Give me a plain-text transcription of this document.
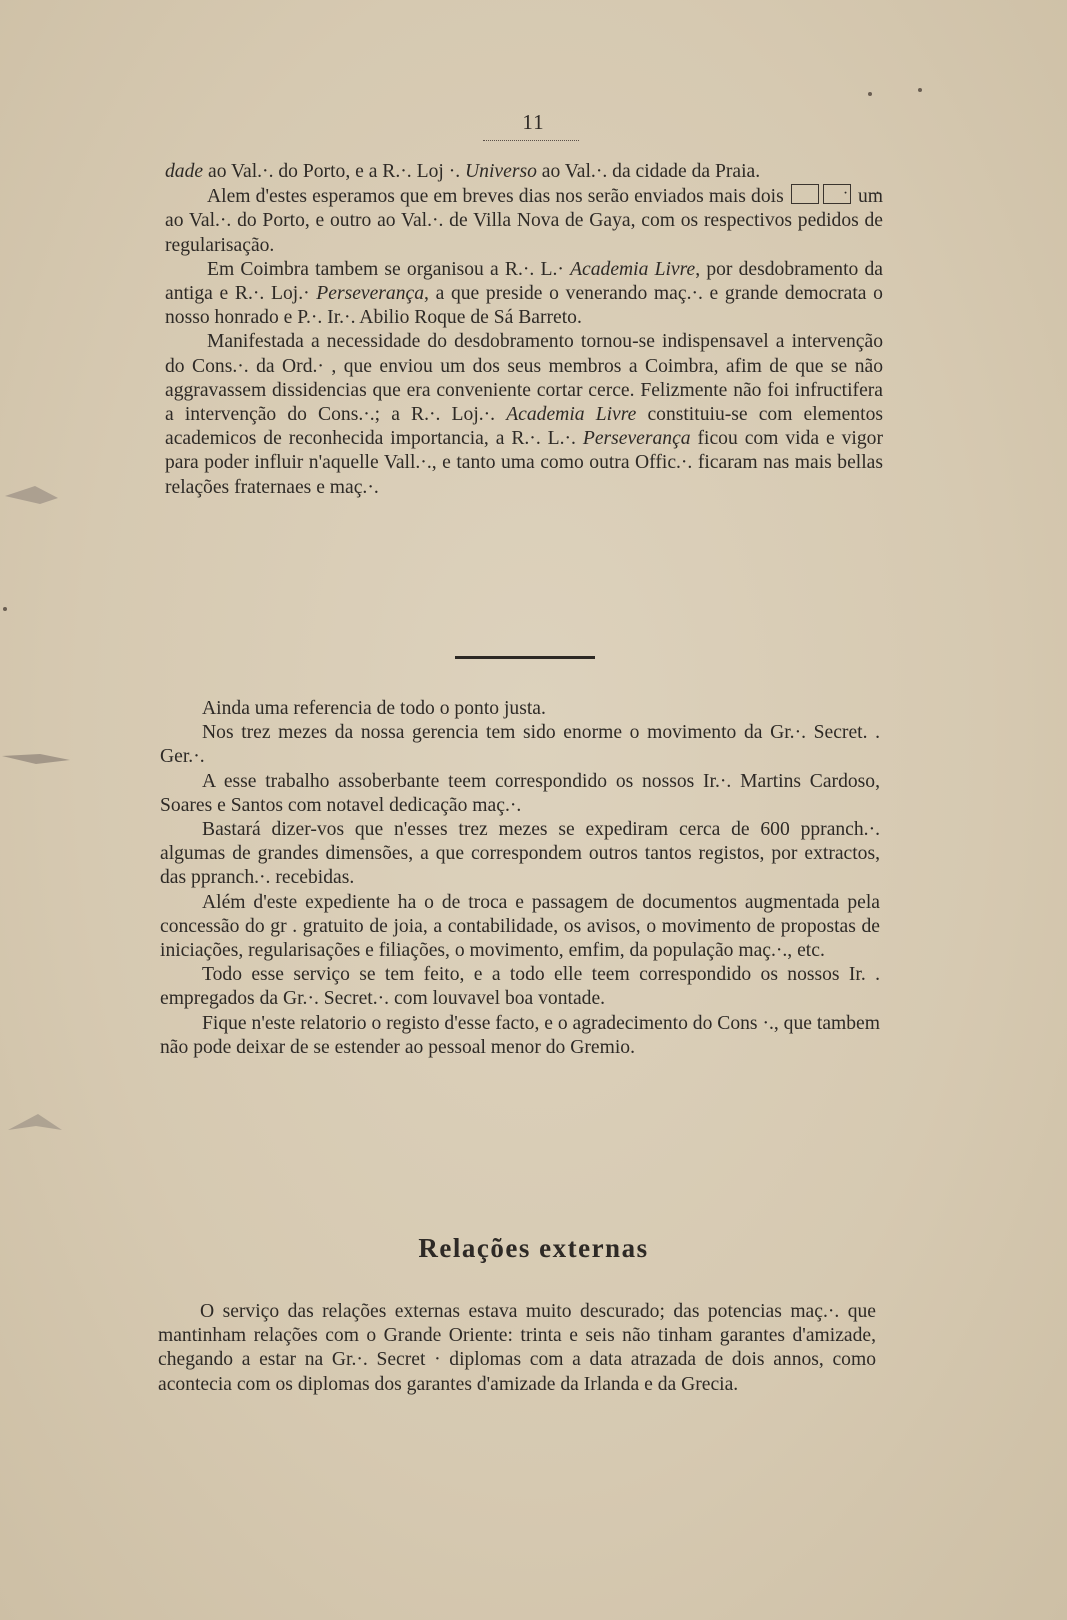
11

dade ao Val.·. do Porto, e a R.·. Loj ·. Universo ao Val.·. da cidade da Praia.

Alem d'estes esperamos que em breves dias nos serão enviados mais dois ··	um ao Val.·. do Porto, e outro ao Val.·. de Villa Nova de Gaya, com os respectivos pedidos de regularisação.

Em Coimbra tambem se organisou a R.·. L.· Academia Livre, por desdobramento da antiga e R.·. Loj.· Perseverança, a que preside o venerando maç.·. e grande democrata o nosso honrado e P.·. Ir.·. Abilio Roque de Sá Barreto.

Manifestada a necessidade do desdobramento tornou-se indispensavel a intervenção do Cons.·. da Ord.· , que enviou um dos seus membros a Coimbra, afim de que se não aggravassem dissidencias que era conveniente cortar cerce. Felizmente não foi infructifera a intervenção do Cons.·.; a R.·. Loj.·. Academia Livre constituiu-se com elementos academicos de reconhecida importancia, a R.·. L.·. Perseverança ficou com vida e vigor para poder influir n'aquelle Vall.·., e tanto uma como outra Offic.·. ficaram nas mais bellas relações fraternaes e maç.·.

Ainda uma referencia de todo o ponto justa.

Nos trez mezes da nossa gerencia tem sido enorme o movimento da Gr.·. Secret. . Ger.·.

A esse trabalho assoberbante teem correspondido os nossos Ir.·. Martins Cardoso, Soares e Santos com notavel dedicação maç.·.

Bastará dizer-vos que n'esses trez mezes se expediram cerca de 600 ppranch.·. algumas de grandes dimensões, a que correspondem outros tantos registos, por extractos, das ppranch.·. recebidas.

Além d'este expediente ha o de troca e passagem de documentos augmentada pela concessão do gr . gratuito de joia, a contabilidade, os avisos, o movimento de propostas de iniciações, regularisações e filiações, o movimento, emfim, da população maç.·., etc.

Todo esse serviço se tem feito, e a todo elle teem correspondido os nossos Ir. . empregados da Gr.·. Secret.·. com louvavel boa vontade.

Fique n'este relatorio o registo d'esse facto, e o agradecimento do Cons ·., que tambem não pode deixar de se estender ao pessoal menor do Gremio.

Relações externas

O serviço das relações externas estava muito descurado; das potencias maç.·. que mantinham relações com o Grande Oriente: trinta e seis não tinham garantes d'amizade, chegando a estar na Gr.·. Secret · diplomas com a data atrazada de dois annos, como acontecia com os diplomas dos garantes d'amizade da Irlanda e da Grecia.
